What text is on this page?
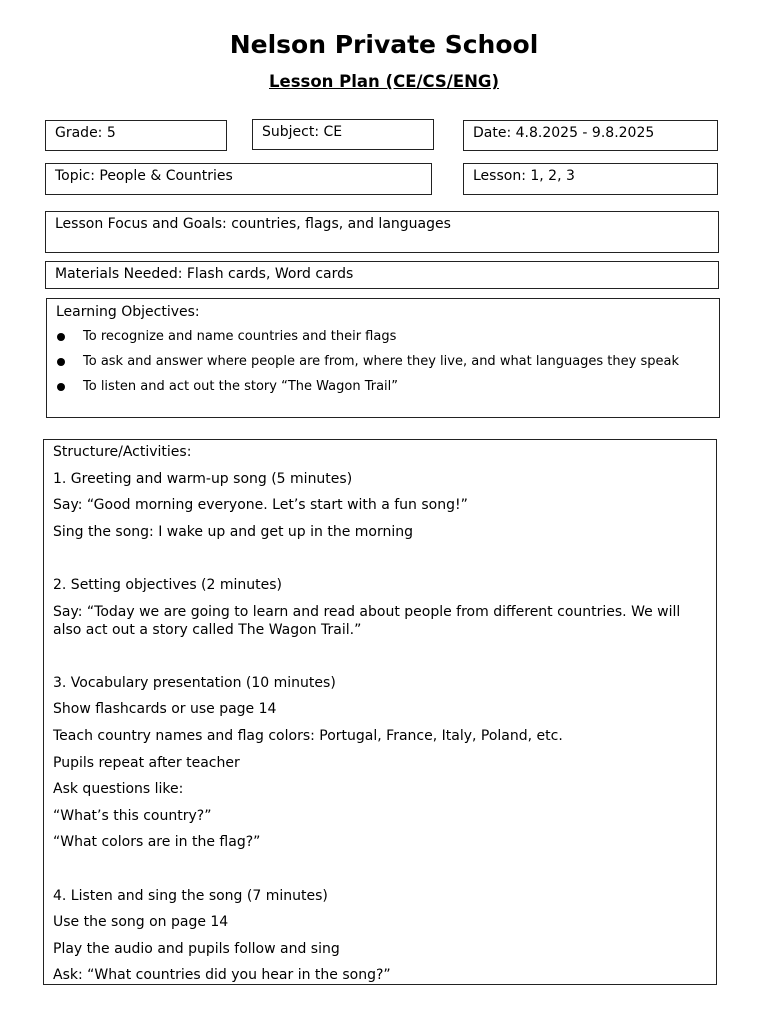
Nelson Private School
Lesson Plan (CE/CS/ENG)
Grade: 5	Subject: CE	Date: 4.8.2025 - 9.8.2025
Topic: People & Countries	Lesson: 1, 2, 3
Lesson Focus and Goals: countries, flags, and languages
Materials Needed: Flash cards, Word cards
Learning Objectives:
To recognize and name countries and their flags
To ask and answer where people are from, where they live, and what languages they speak
To listen and act out the story “The Wagon Trail”
Structure/Activities:
1. Greeting and warm-up song (5 minutes)
Say: “Good morning everyone. Let’s start with a fun song!”
Sing the song: I wake up and get up in the morning
2. Setting objectives (2 minutes)
Say: “Today we are going to learn and read about people from different countries. We will also act out a story called The Wagon Trail.”
3. Vocabulary presentation (10 minutes)
Show flashcards or use page 14
Teach country names and flag colors: Portugal, France, Italy, Poland, etc.
Pupils repeat after teacher
Ask questions like:
“What’s this country?”
“What colors are in the flag?”
4. Listen and sing the song (7 minutes)
Use the song on page 14
Play the audio and pupils follow and sing
Ask: “What countries did you hear in the song?”
